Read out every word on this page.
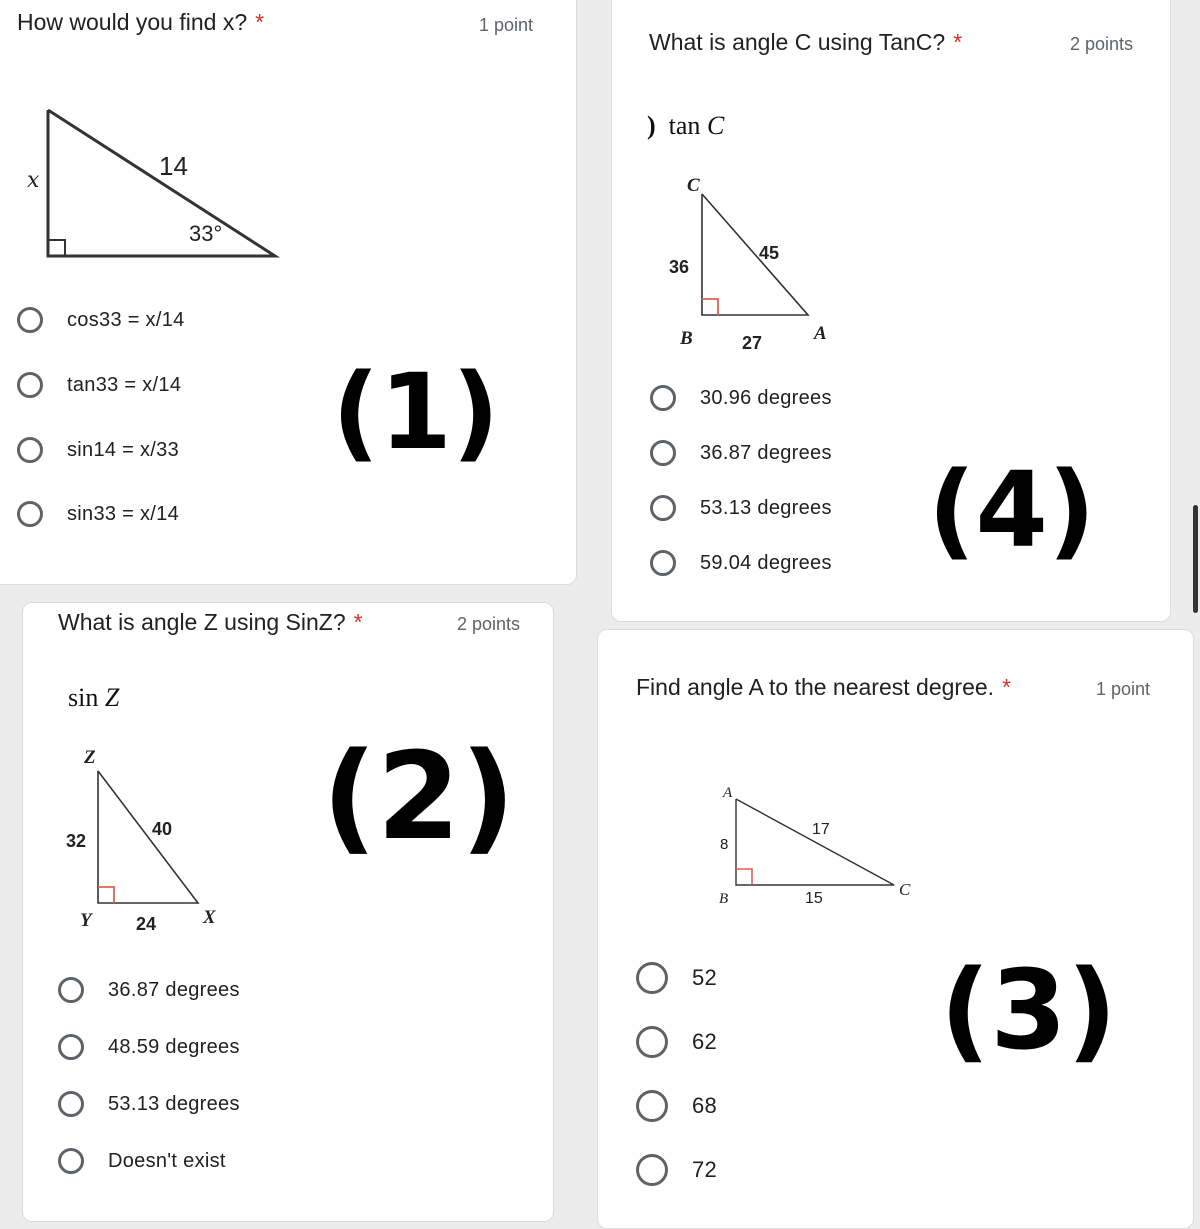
How would you find x? *	1 point
14
33°
x
cos33 = x/14
tan33 = x/14
sin14 = x/33
sin33 = x/14
What is angle C using TanC? *	2 points
) tan C
C
B	A
36
45
27
30.96 degrees
36.87 degrees
53.13 degrees
59.04 degrees
What is angle Z using SinZ? *	2 points
sin Z
Z
Y	X
32
40
24
36.87 degrees
48.59 degrees
53.13 degrees
Doesn't exist
Find angle A to the nearest degree. *	1 point
A
B	C
8
17
15
52
62
68
72
(1)
(4)
(2)
(3)
